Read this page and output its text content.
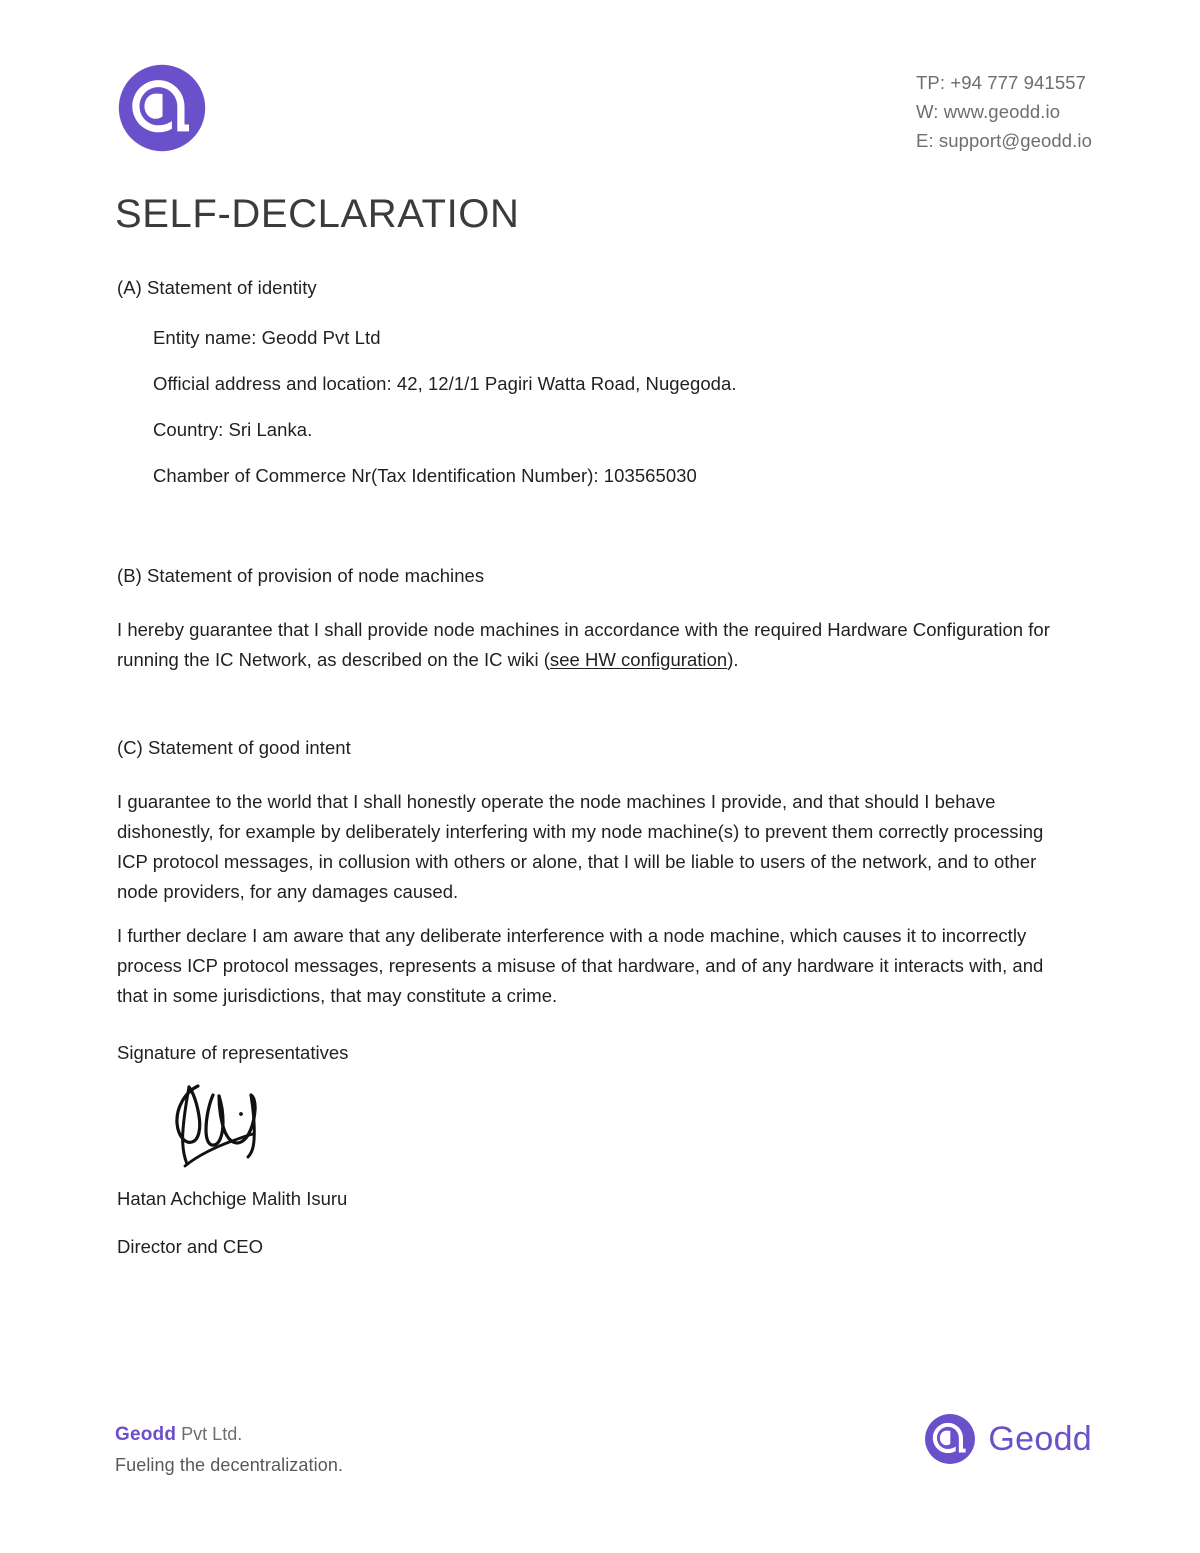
TP: +94 777 941557
W: www.geodd.io
E: support@geodd.io
SELF-DECLARATION

(A) Statement of identity

Entity name: Geodd Pvt Ltd
Official address and location: 42, 12/1/1 Pagiri Watta Road, Nugegoda.
Country: Sri Lanka.
Chamber of Commerce Nr(Tax Identification Number): 103565030

(B) Statement of provision of node machines

I hereby guarantee that I shall provide node machines in accordance with the required Hardware Configuration for running the IC Network, as described on the IC wiki (see HW configuration).

(C) Statement of good intent

I guarantee to the world that I shall honestly operate the node machines I provide, and that should I behave dishonestly, for example by deliberately interfering with my node machine(s) to prevent them correctly processing ICP protocol messages, in collusion with others or alone, that I will be liable to users of the network, and to other node providers, for any damages caused.

I further declare I am aware that any deliberate interference with a node machine, which causes it to incorrectly process ICP protocol messages, represents a misuse of that hardware, and of any hardware it interacts with, and that in some jurisdictions, that may constitute a crime.

Signature of representatives
Hatan Achchige Malith Isuru
Director and CEO
Geodd Pvt Ltd.
Fueling the decentralization.
Geodd
